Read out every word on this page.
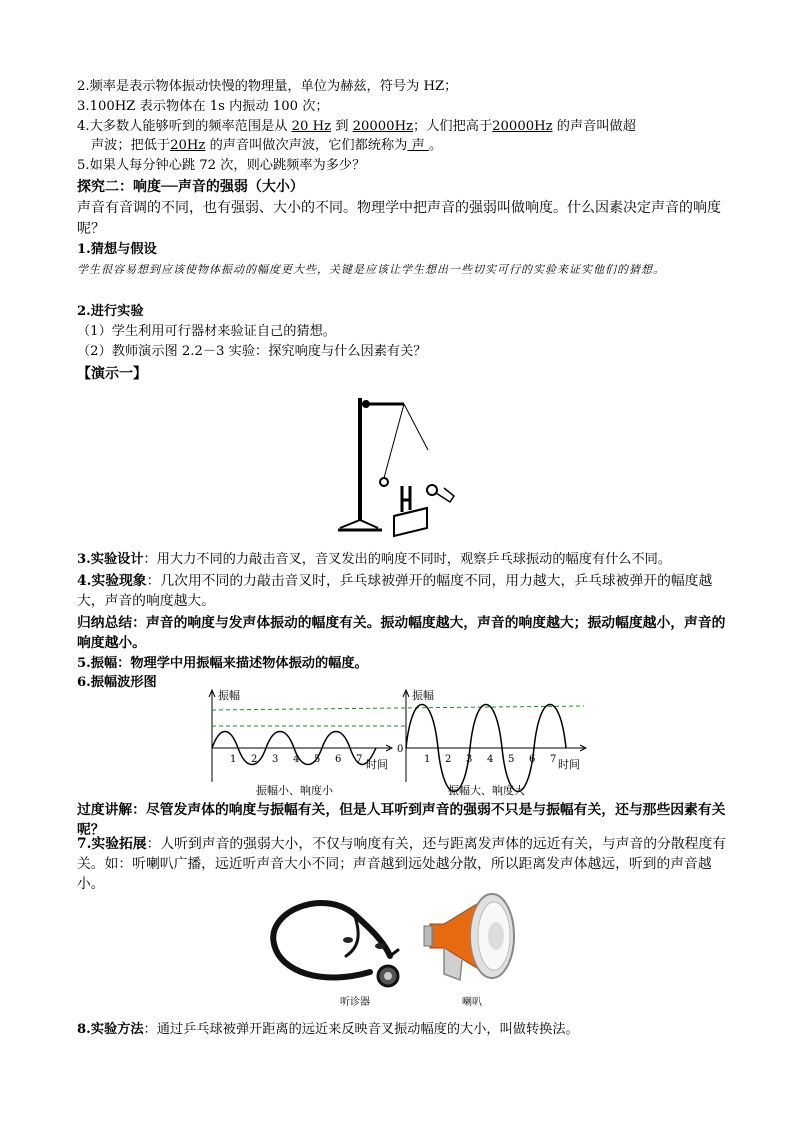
2.频率是表示物体振动快慢的物理量，单位为赫兹，符号为 HZ；
3.100HZ 表示物体在 1s 内振动 100 次；
4.大多数人能够听到的频率范围是从 20 Hz 到 20000Hz；人们把高于20000Hz 的声音叫做超
声波；把低于20Hz 的声音叫做次声波，它们都统称为 声 。
5.如果人每分钟心跳 72 次，则心跳频率为多少？
探究二：响度──声音的强弱（大小）
声音有音调的不同，也有强弱、大小的不同。物理学中把声音的强弱叫做响度。什么因素决定声音的响度呢？
1.猜想与假设
学生很容易想到应该使物体振动的幅度更大些，关键是应该让学生想出一些切实可行的实验来证实他们的猜想。
2.进行实验
（1）学生利用可行器材来验证自己的猜想。
（2）教师演示图 2.2－3 实验：探究响度与什么因素有关？
【演示一】
3.实验设计：用大力不同的力敲击音叉，音叉发出的响度不同时，观察乒乓球振动的幅度有什么不同。
4.实验现象：几次用不同的力敲击音叉时，乒乓球被弹开的幅度不同，用力越大，乒乓球被弹开的幅度越大，声音的响度越大。
归纳总结：声音的响度与发声体振动的幅度有关。振动幅度越大，声音的响度越大；振动幅度越小，声音的响度越小。
5.振幅：物理学中用振幅来描述物体振动的幅度。
6.振幅波形图
振幅	振幅
0
时间	时间
1 2 3 4 5 6 7	1 2 3 4 5 6 7
振幅小、响度小	振幅大、响度大
过度讲解：尽管发声体的响度与振幅有关，但是人耳听到声音的强弱不只是与振幅有关，还与那些因素有关呢？
7.实验拓展：人听到声音的强弱大小，不仅与响度有关，还与距离发声体的远近有关，与声音的分散程度有关。如：听喇叭广播，远近听声音大小不同；声音越到远处越分散，所以距离发声体越远，听到的声音越小。
听诊器	喇叭
8.实验方法：通过乒乓球被弹开距离的远近来反映音叉振动幅度的大小，叫做转换法。
